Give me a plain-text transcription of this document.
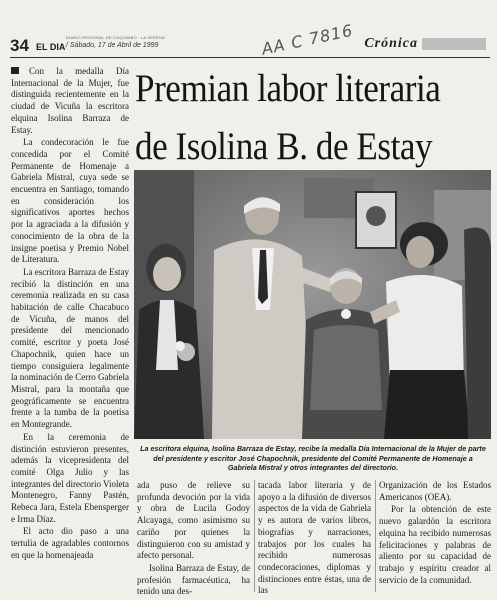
34	DIARIO REGIONAL DE COQUIMBO · LA SERENA
EL DIA / Sábado, 17 de Abril de 1999	AA C 7816 Crónica

Con la medalla Día Internacional de la Mujer, fue distinguida recientemente en la ciudad de Vicuña la escritora elquina Isolina Barraza de Estay.

La condecoración le fue concedida por el Comité Permanente de Homenaje a Gabriela Mistral, cuya sede se encuentra en Santiago, tomando en consideración los significativos aportes hechos por la agraciada a la difusión y conocimiento de la obra de la insigne poetisa y Premio Nobel de Literatura.

La escritora Barraza de Estay recibió la distinción en una ceremonia realizada en su casa habitación de calle Chacabuco de Vicuña, de manos del presidente del mencionado comité, escritor y poeta José Chapochnik, quien hace un tiempo consiguiera legalmente la nominación de Cerro Gabriela Mistral, para la montaña que geográficamente se encuentra frente a la tumba de la poetisa en Montegrande.

En la ceremonia de distinción estuvieron presentes, además la vicepresidenta del comité Olga Julio y las integrantes del directorio Violeta Montenegro, Fanny Pastén, Rebeca Jara, Estela Ebensperger e Irma Díaz.

El acto dio paso a una tertulia de agradables contornos en que la homenajeada

Premian labor literaria
de Isolina B. de Estay
La escritora elquina, Isolina Barraza de Estay, recibe la medalla Día Internacional de la Mujer de parte del presidente y escritor José Chapochnik, presidente del Comité Permanente de Homenaje a Gabriela Mistral y otros integrantes del directorio.

ada puso de relieve su profunda devoción por la vida y obra de Lucila Godoy Alcayaga, como asimismo su cariño por quienes la distinguieron con su amistad y afecto personal.

Isolina Barraza de Estay, de profesión farmacéutica, ha tenido una des-

tacada labor literaria y de apoyo a la difusión de diversos aspectos de la vida de Gabriela y es autora de varios libros, biografías y narraciones, trabajos por los cuales ha recibido numerosas condecoraciones, diplomas y distinciones entre éstas, una de las

Organización de los Estados Americanos (OEA).

Por la obtención de este nuevo galardón la escritora elquina ha recibido numerosas felicitaciones y palabras de aliento por su capacidad de trabajo y espíritu creador al servicio de la comunidad.
